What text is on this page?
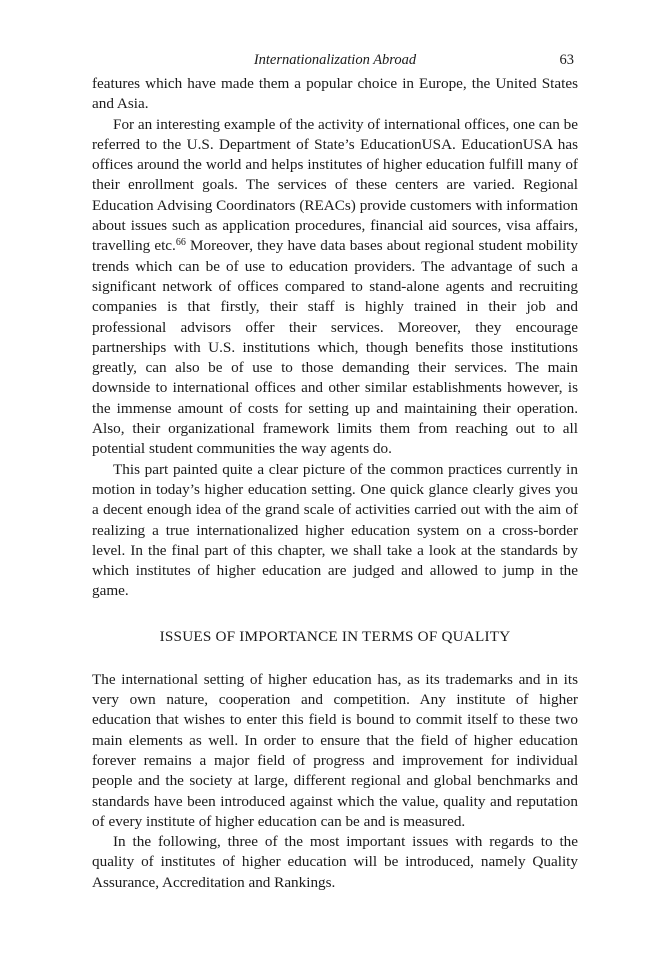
Internationalization Abroad	63

features which have made them a popular choice in Europe, the United States and Asia.

For an interesting example of the activity of international offices, one can be referred to the U.S. Department of State’s EducationUSA. EducationUSA has offices around the world and helps institutes of higher education fulfill many of their enrollment goals. The services of these centers are varied. Regional Education Advising Coordinators (REACs) provide customers with information about issues such as application procedures, financial aid sources, visa affairs, travelling etc.$^{66}$ Moreover, they have data bases about regional student mobility trends which can be of use to education providers. The advantage of such a significant network of offices compared to stand-alone agents and recruiting companies is that firstly, their staff is highly trained in their job and professional advisors offer their services. Moreover, they encourage partnerships with U.S. institutions which, though benefits those institutions greatly, can also be of use to those demanding their services. The main downside to international offices and other similar establishments however, is the immense amount of costs for setting up and maintaining their operation. Also, their organizational framework limits them from reaching out to all potential student communities the way agents do.

This part painted quite a clear picture of the common practices currently in motion in today’s higher education setting. One quick glance clearly gives you a decent enough idea of the grand scale of activities carried out with the aim of realizing a true internationalized higher education system on a cross-border level. In the final part of this chapter, we shall take a look at the standards by which institutes of higher education are judged and allowed to jump in the game.

ISSUES OF IMPORTANCE IN TERMS OF QUALITY

The international setting of higher education has, as its trademarks and in its very own nature, cooperation and competition. Any institute of higher education that wishes to enter this field is bound to commit itself to these two main elements as well. In order to ensure that the field of higher education forever remains a major field of progress and improvement for individual people and the society at large, different regional and global benchmarks and standards have been introduced against which the value, quality and reputation of every institute of higher education can be and is measured.

In the following, three of the most important issues with regards to the quality of institutes of higher education will be introduced, namely Quality Assurance, Accreditation and Rankings.
